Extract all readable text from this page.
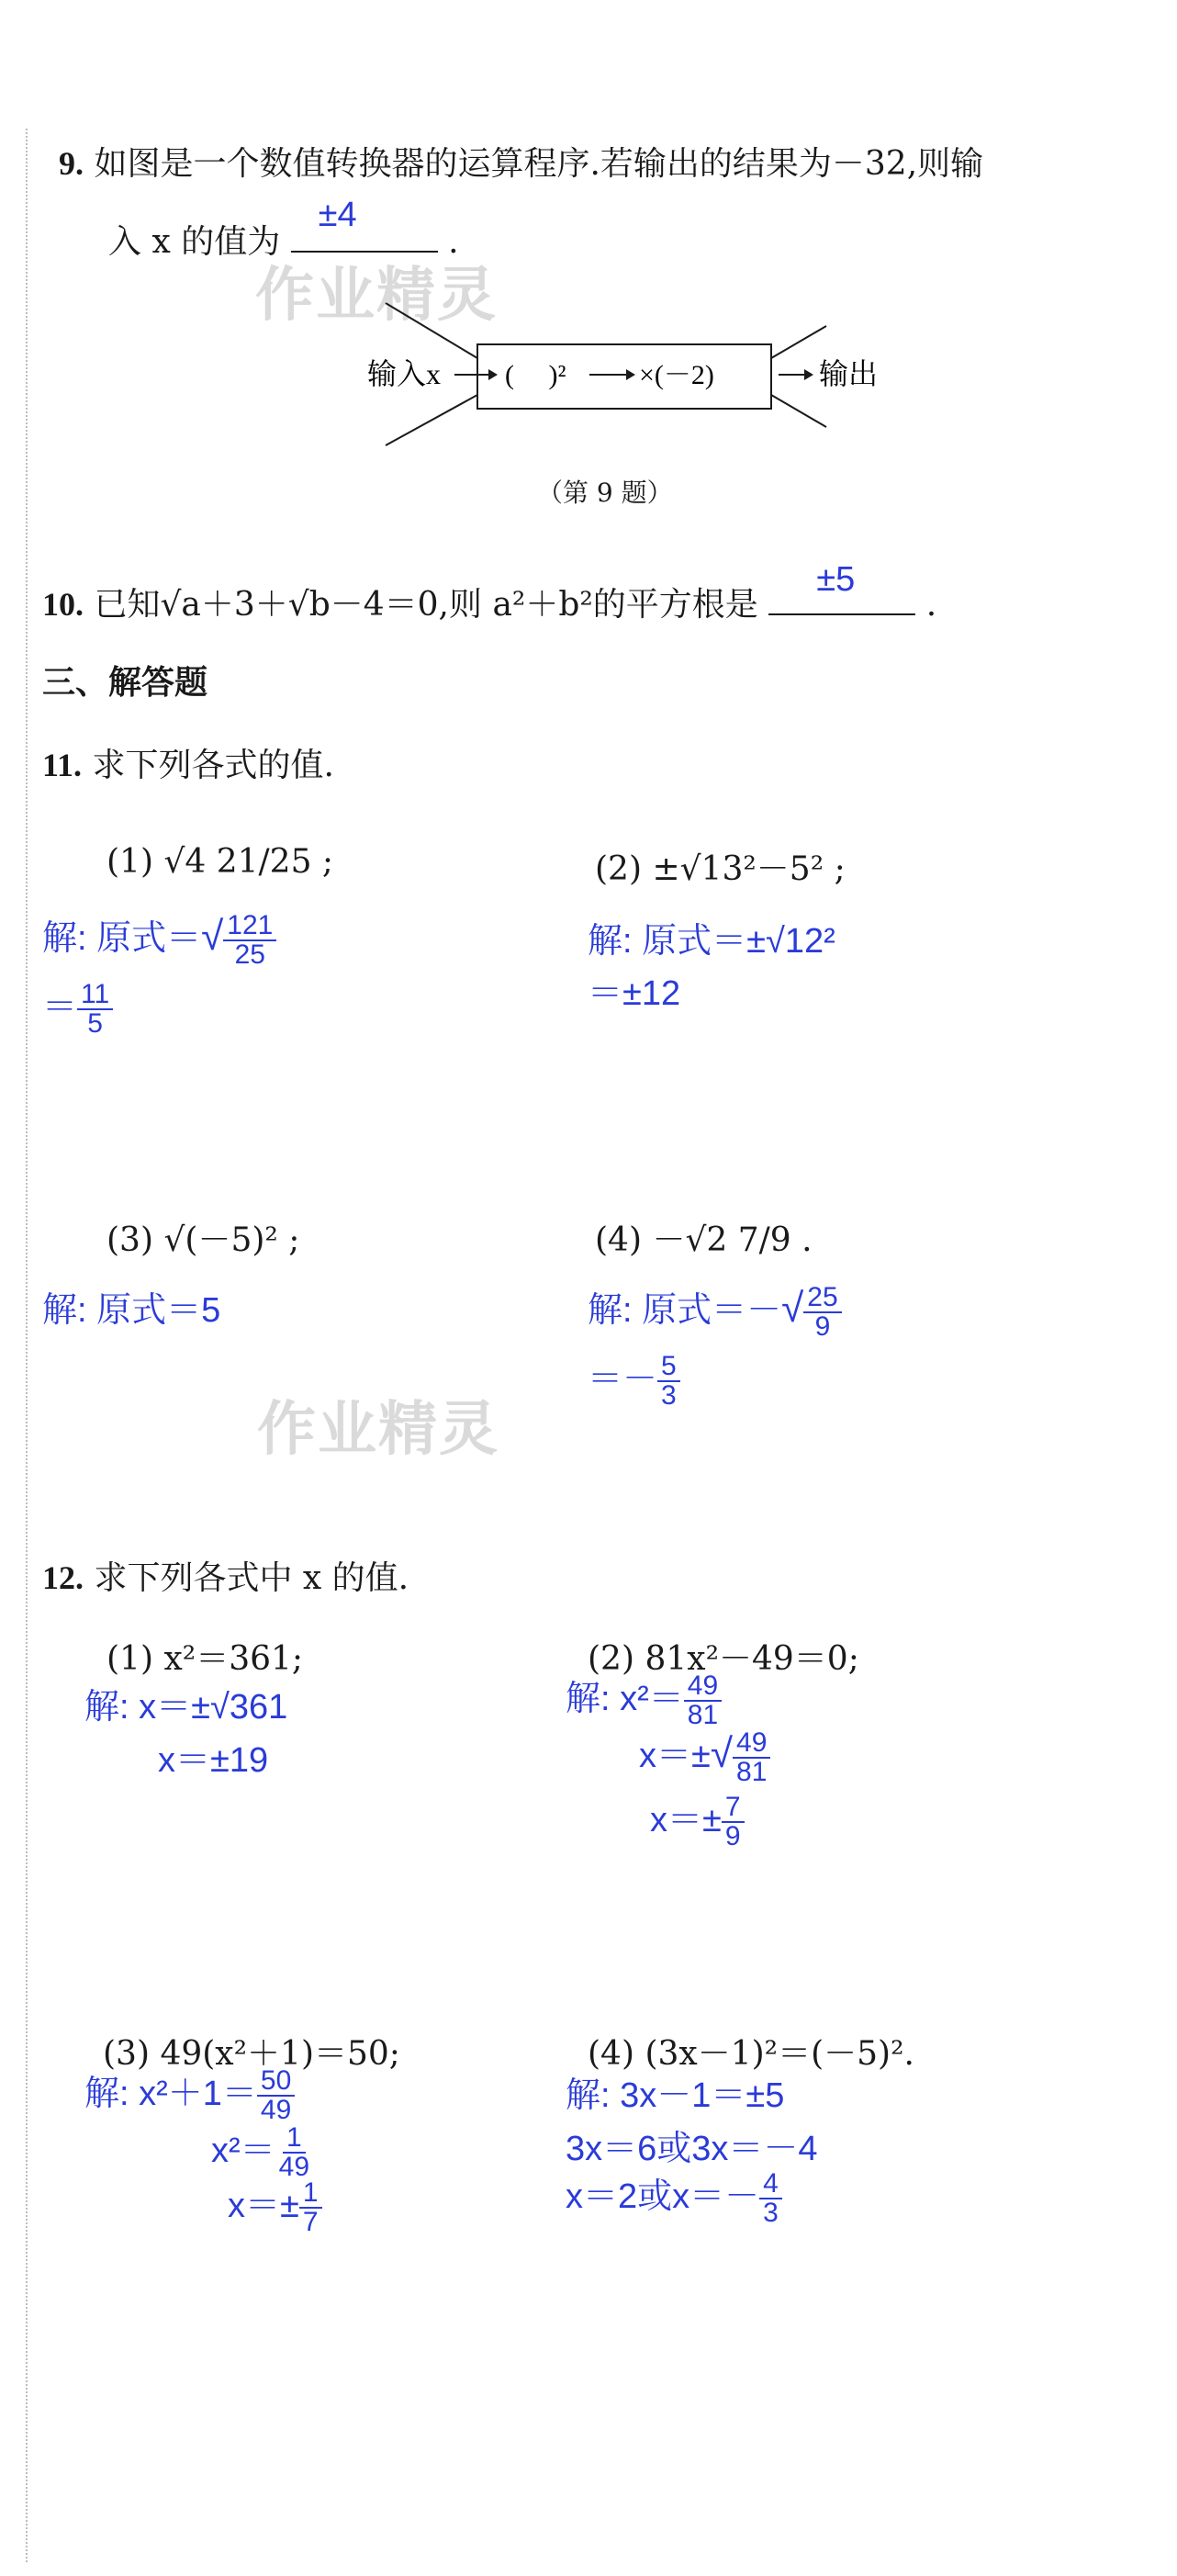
9. 如图是一个数值转换器的运算程序.若输出的结果为－32,则输
入 x 的值为
±4
.
作业精灵
输入x (　 )²	×(－2)	输出
（第 9 题）
10. 已知√a＋3＋√b－4＝0,则 a²＋b²的平方根是
±5
.
三、解答题
11. 求下列各式的值.
(1) √4 21/25 ;
解: 原式＝√ $\frac{121}{25}$
＝ $\frac{11}{5}$
(2) ±√13²－5² ;
解: 原式＝±√12²
＝±12
(3) √(－5)² ;
解: 原式＝5
(4) －√2 7/9 .
解: 原式＝－√ $\frac{25}{9}$
＝－ $\frac{5}{3}$
作业精灵
12. 求下列各式中 x 的值.
(1) x²＝361;
解: x＝±√361
x＝±19
(2) 81x²－49＝0;
解: $x^2= \frac{49}{81}$
$x=\pm√ \frac{49}{81}$
$x=\pm \frac{7}{9}$
(3) 49(x²＋1)＝50;
解: $x^2+1= \frac{50}{49}$
$x^2= \frac{1}{49}$
$x=\pm \frac{1}{7}$
(4) (3x－1)²＝(－5)².
解: 3x－1＝±5
3x＝6或3x＝－4
x＝2或$x=- \frac{4}{3}$
